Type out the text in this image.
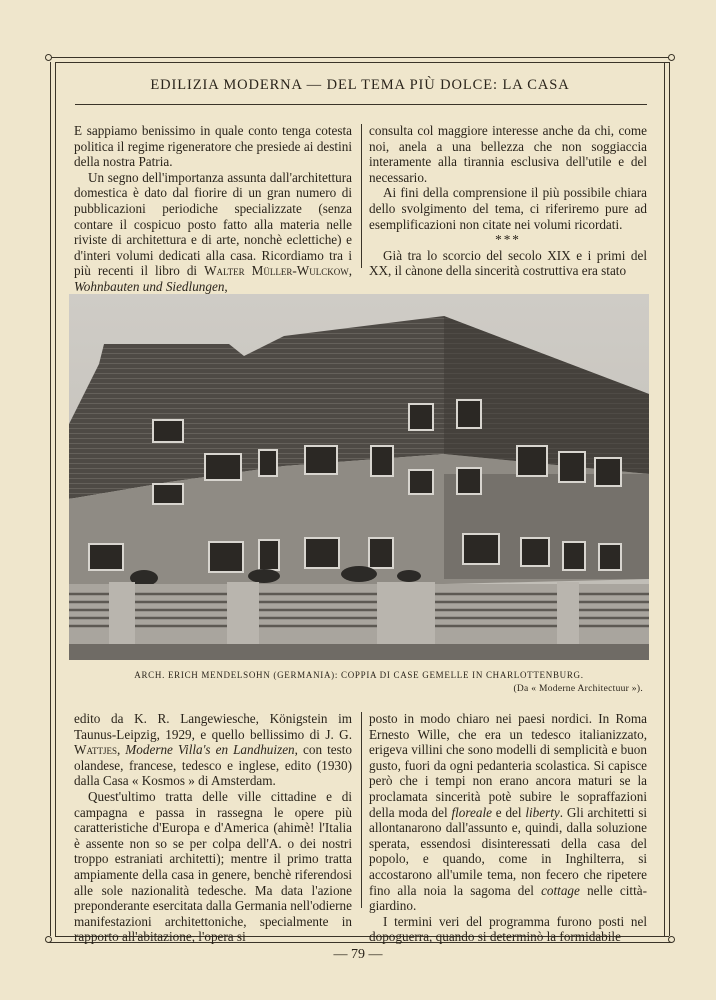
EDILIZIA MODERNA — DEL TEMA PIÙ DOLCE: LA CASA

E sappiamo benissimo in quale conto tenga cotesta politica il regime rigeneratore che presiede ai destini della nostra Patria.

Un segno dell'importanza assunta dall'architettura domestica è dato dal fiorire di un gran numero di pubblicazioni periodiche specializzate (senza contare il cospicuo posto fatto alla materia nelle riviste di architettura e di arte, nonchè eclettiche) e d'interi volumi dedicati alla casa. Ricordiamo tra i più recenti il libro di Walter Müller-Wulckow, Wohnbauten und Siedlungen,

consulta col maggiore interesse anche da chi, come noi, anela a una bellezza che non soggiaccia interamente alla tirannia esclusiva dell'utile e del necessario.

Ai fini della comprensione il più possibile chiara dello svolgimento del tema, ci riferiremo pure ad esemplificazioni non citate nei volumi ricordati.

***

Già tra lo scorcio del secolo XIX e i primi del XX, il cànone della sincerità costruttiva era stato

ARCH. ERICH MENDELSOHN (GERMANIA): COPPIA DI CASE GEMELLE IN CHARLOTTENBURG.
(Da « Moderne Architectuur »).

edito da K. R. Langewiesche, Königstein im Taunus-Leipzig, 1929, e quello bellissimo di J. G. Wattjes, Moderne Villa's en Landhuizen, con testo olandese, francese, tedesco e inglese, edito (1930) dalla Casa « Kosmos » di Amsterdam.

Quest'ultimo tratta delle ville cittadine e di campagna e passa in rassegna le opere più caratteristiche d'Europa e d'America (ahimè! l'Italia è assente non so se per colpa dell'A. o dei nostri troppo estraniati architetti); mentre il primo tratta ampiamente della casa in genere, benchè riferendosi alle sole nazionalità tedesche. Ma data l'azione preponderante esercitata dalla Germania nell'odierne manifestazioni architettoniche, specialmente in rapporto all'abitazione, l'opera si

posto in modo chiaro nei paesi nordici. In Roma Ernesto Wille, che era un tedesco italianizzato, erigeva villini che sono modelli di semplicità e buon gusto, fuori da ogni pedanteria scolastica. Si capisce però che i tempi non erano ancora maturi se la proclamata sincerità potè subire le sopraffazioni della moda del floreale e del liberty. Gli architetti si allontanarono dall'assunto e, quindi, dalla soluzione sperata, essendosi disinteressati della casa del popolo, e quando, come in Inghilterra, si accostarono all'umile tema, non fecero che ripetere fino alla noia la sagoma del cottage nelle città-giardino.

I termini veri del programma furono posti nel dopoguerra, quando si determinò la formidabile

— 79 —
